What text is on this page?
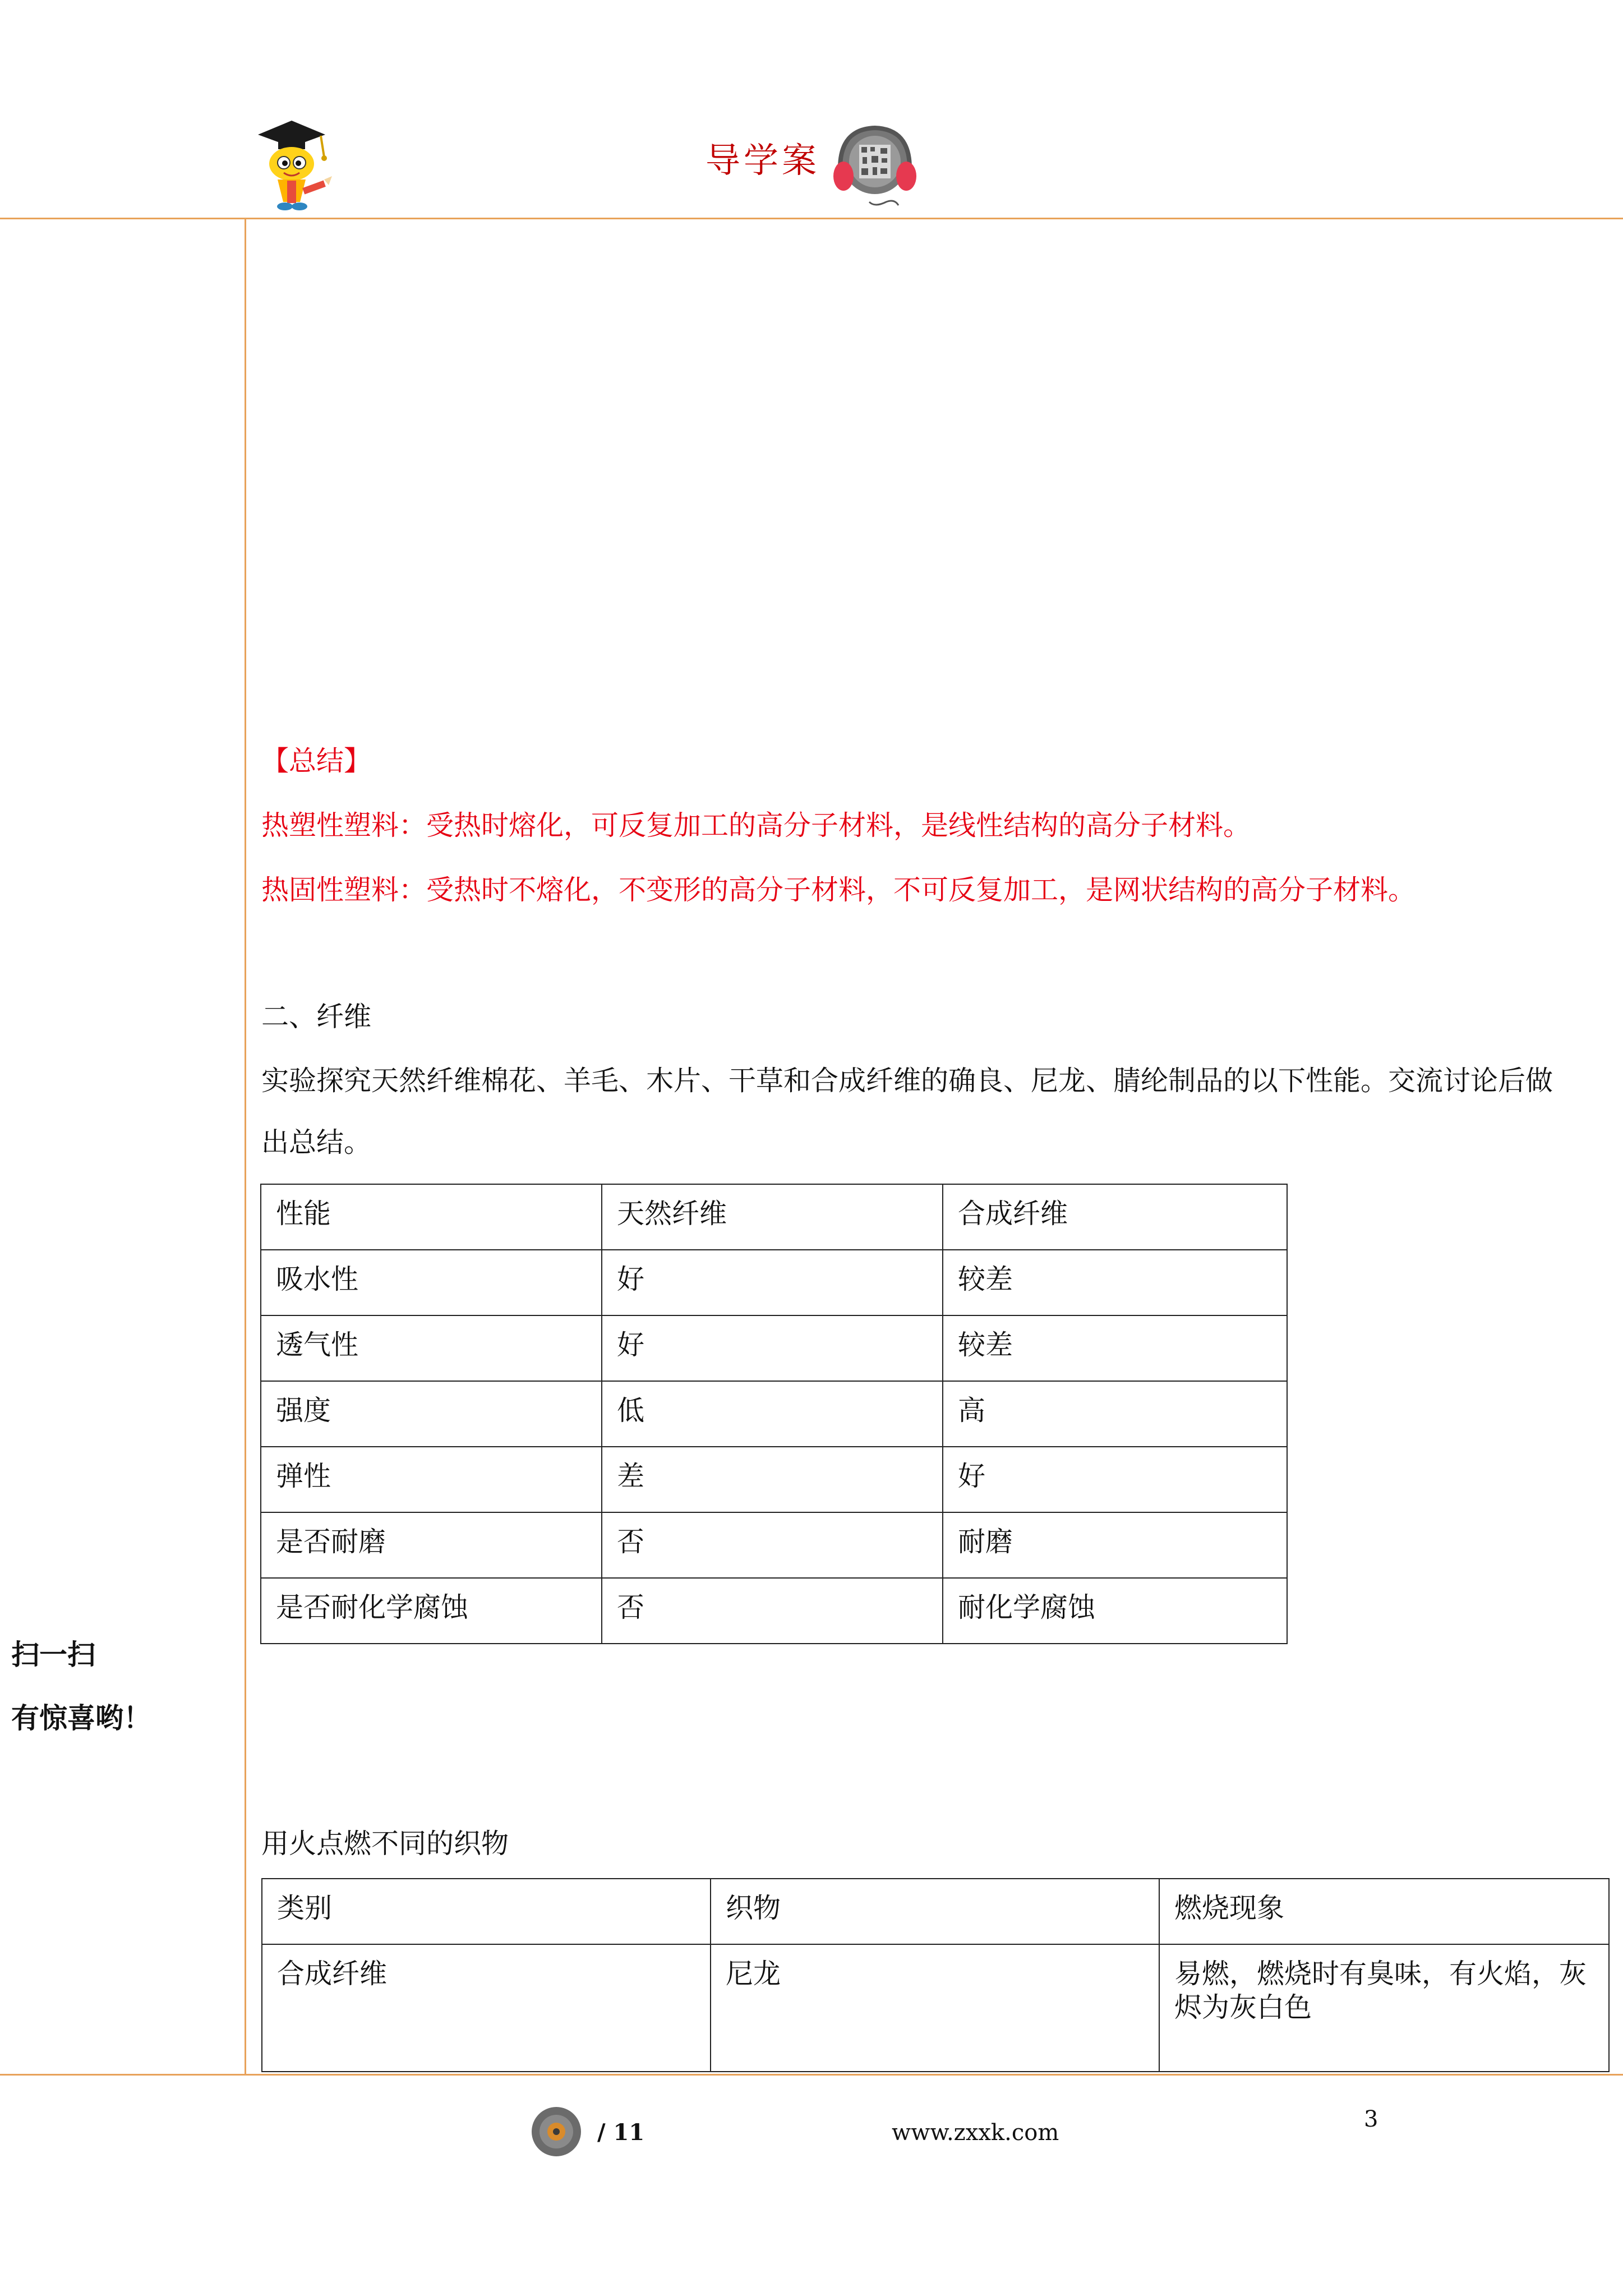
导学案
扫一扫
有惊喜哟！
【总结】
热塑性塑料：受热时熔化，可反复加工的高分子材料，是线性结构的高分子材料。
热固性塑料：受热时不熔化，不变形的高分子材料，不可反复加工，是网状结构的高分子材料。
二、纤维
实验探究天然纤维棉花、羊毛、木片、干草和合成纤维的确良、尼龙、腈纶制品的以下性能。交流讨论后做
出总结。
性能	天然纤维	合成纤维
吸水性	好	较差
透气性	好	较差
强度	低	高
弹性	差	好
是否耐磨	否	耐磨
是否耐化学腐蚀	否	耐化学腐蚀
用火点燃不同的织物
类别	织物	燃烧现象
合成纤维	尼龙	易燃，燃烧时有臭味，有火焰，灰烬为灰白色
/ 11	www.zxxk.com
3
